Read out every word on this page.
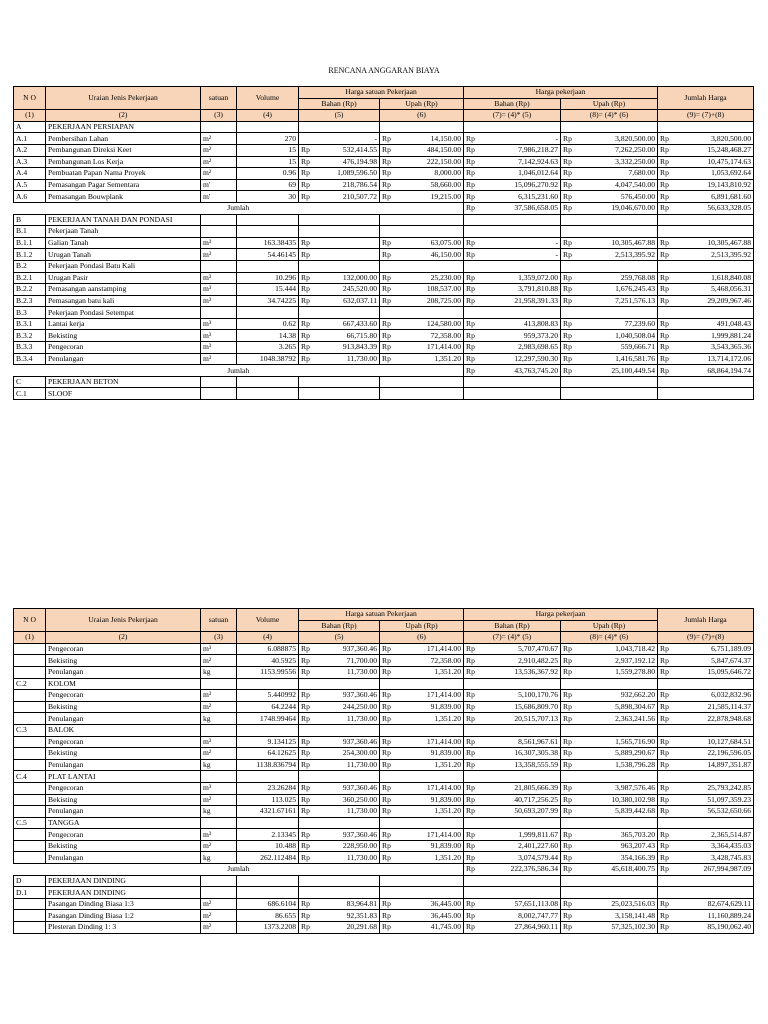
RENCANA ANGGARAN BIAYA
N O	Uraian Jenis Pekerjaan	satuan	Volume	Harga satuan Pekerjaan		Harga pekerjaan		Jumlah Harga
				Bahan (Rp)	Upah (Rp)	Bahan (Rp)	Upah (Rp)	
(1)	(2)	(3)	(4)	(5)	(6)	(7)= (4)* (5)	(8)= (4)* (6)	(9)= (7)+(8)
A	PEKERJAAN PERSIAPAN							
A.1	Pembersihan Lahan	m²	270	-	Rp 14,150.00	Rp -	Rp 3,820,500.00	Rp 3,820,500.00

A.2	Pembangunan Direksi Keet	m²	15	Rp 532,414.55	Rp 484,150.00	Rp 7,986,218.27	Rp 7,262,250.00	Rp 15,248,468.27

A.3	Pembangunan Los Kerja	m²	15	Rp 476,194.98	Rp 222,150.00	Rp 7,142,924.63	Rp 3,332,250.00	Rp 10,475,174.63

A.4	Pembuatan Papan Nama Proyek	m²	0.96	Rp 1,089,596.50	Rp 8,000.00	Rp 1,046,012.64	Rp 7,680.00	Rp 1,053,692.64

A.5	Pemasangan Pagar Sementara	m'	69	Rp 218,786.54	Rp 58,660.00	Rp 15,096,270.92	Rp 4,047,540.00	Rp 19,143,810.92

A.6	Pemasangan Bouwplank	m'	30	Rp 210,507.72	Rp 19,215.00	Rp 6,315,231.60	Rp 576,450.00	Rp 6,891,681.60

Jumlah						Rp 37,586,658.05	Rp 19,046,670.00	Rp 56,633,328.05

B	PEKERJAAN TANAH DAN PONDASI							
B.1	Pekerjaan Tanah							
B.1.1	Galian Tanah	m³	163.38435	Rp	Rp 63,075.00	Rp -	Rp 10,305,467.88	Rp 10,305,467.88

B.1.2	Urugan Tanah	m³	54.46145	Rp	Rp 46,150.00	Rp -	Rp 2,513,395.92	Rp 2,513,395.92

B.2	Pekerjaan Pondasi Batu Kali							
B.2.1	Urugan Pasir	m³	10.296	Rp 132,000.00	Rp 25,230.00	Rp 1,359,072.00	Rp 259,768.08	Rp 1,618,840.08

B.2.2	Pemasangan aanstamping	m³	15.444	Rp 245,520.00	Rp 108,537.00	Rp 3,791,810.88	Rp 1,676,245.43	Rp 5,468,056.31

B.2.3	Pemasangan batu kali	m³	34.74225	Rp 632,037.11	Rp 208,725.00	Rp 21,958,391.33	Rp 7,251,576.13	Rp 29,209,967.46

B.3	Pekerjaan Pondasi Setempat							
B.3.1	Lantai kerja	m³	0.62	Rp 667,433.60	Rp 124,580.00	Rp 413,808.83	Rp 77,239.60	Rp 491,048.43

B.3.2	Bekisting	m³	14.38	Rp 66,715.80	Rp 72,358.00	Rp 959,373.20	Rp 1,040,508.04	Rp 1,999,881.24

B.3.3	Pengecoran	m³	3.265	Rp 913,843.39	Rp 171,414.00	Rp 2,983,698.65	Rp 559,666.71	Rp 3,543,365.36

B.3.4	Penulangan	m³	1048.38792	Rp 11,730.00	Rp 1,351.20	Rp 12,297,590.30	Rp 1,416,581.76	Rp 13,714,172.06

Jumlah						Rp 43,763,745.20	Rp 25,100,449.54	Rp 68,864,194.74

C	PEKERJAAN BETON							
C.1	SLOOF							
N O	Uraian Jenis Pekerjaan	satuan	Volume	Harga satuan Pekerjaan		Harga pekerjaan		Jumlah Harga
				Bahan (Rp)	Upah (Rp)	Bahan (Rp)	Upah (Rp)	
(1)	(2)	(3)	(4)	(5)	(6)	(7)= (4)* (5)	(8)= (4)* (6)	(9)= (7)+(8)
	Pengecoran	m³	6.088875	Rp 937,360.46	Rp 171,414.00	Rp 5,707,470.67	Rp 1,043,718.42	Rp 6,751,189.09

	Bekisting	m²	40.5925	Rp 71,700.00	Rp 72,358.00	Rp 2,910,482.25	Rp 2,937,192.12	Rp 5,847,674.37

	Penulangan	kg	1153.99556	Rp 11,730.00	Rp 1,351.20	Rp 13,536,367.92	Rp 1,559,278.80	Rp 15,095,646.72

C.2	KOLOM							
	Pengecoran	m³	5.440992	Rp 937,360.46	Rp 171,414.00	Rp 5,100,170.76	Rp 932,662.20	Rp 6,032,832.96

	Bekisting	m²	64.2244	Rp 244,250.00	Rp 91,839.00	Rp 15,686,809.70	Rp 5,898,304.67	Rp 21,585,114.37

	Penulangan	kg	1748.99464	Rp 11,730.00	Rp 1,351.20	Rp 20,515,707.13	Rp 2,363,241.56	Rp 22,878,948.68

C.3	BALOK							
	Pengecoran	m³	9.134125	Rp 937,360.46	Rp 171,414.00	Rp 8,561,967.61	Rp 1,565,716.90	Rp 10,127,684.51

	Bekisting	m²	64.12625	Rp 254,300.00	Rp 91,839.00	Rp 16,307,305.38	Rp 5,889,290.67	Rp 22,196,596.05

	Penulangan	kg	1138.836794	Rp 11,730.00	Rp 1,351.20	Rp 13,358,555.59	Rp 1,538,796.28	Rp 14,897,351.87

C.4	PLAT LANTAI							
	Pengecoran	m³	23.26284	Rp 937,360.46	Rp 171,414.00	Rp 21,805,666.39	Rp 3,987,576.46	Rp 25,793,242.85

	Bekisting	m²	113.025	Rp 360,250.00	Rp 91,839.00	Rp 40,717,256.25	Rp 10,380,102.98	Rp 51,097,359.23

	Penulangan	kg	4321.67161	Rp 11,730.00	Rp 1,351.20	Rp 50,693,207.99	Rp 5,839,442.68	Rp 56,532,650.66

C.5	TANGGA							
	Pengecoran	m³	2.13345	Rp 937,360.46	Rp 171,414.00	Rp 1,999,811.67	Rp 365,703.20	Rp 2,365,514.87

	Bekisting	m²	10.488	Rp 228,950.00	Rp 91,839.00	Rp 2,401,227.60	Rp 963,207.43	Rp 3,364,435.03

	Penulangan	kg	262.112484	Rp 11,730.00	Rp 1,351.20	Rp 3,074,579.44	Rp 354,166.39	Rp 3,428,745.83

Jumlah						Rp 222,376,586.34	Rp 45,618,400.75	Rp 267,994,987.09

D	PEKERJAAN DINDING							
D.1	PEKERJAAN DINDING							
	Pasangan Dinding Biasa 1:3	m²	686.6104	Rp 83,964.81	Rp 36,445.00	Rp 57,651,113.08	Rp 25,023,516.03	Rp 82,674,629.11

	Pasangan Dinding Biasa 1:2	m²	86.655	Rp 92,351.83	Rp 36,445.00	Rp 8,002,747.77	Rp 3,158,141.48	Rp 11,160,889.24

	Plesteran Dinding 1: 3	m²	1373.2208	Rp 20,291.68	Rp 41,745.00	Rp 27,864,960.11	Rp 57,325,102.30	Rp 85,190,062.40
